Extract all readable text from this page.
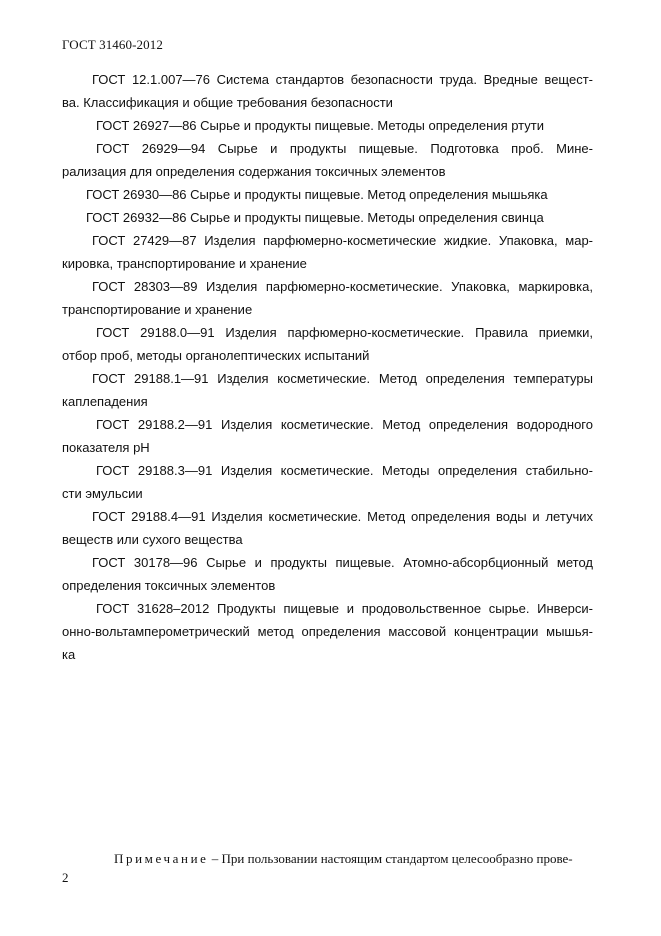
ГОСТ 31460-2012
ГОСТ 12.1.007—76 Система стандартов безопасности труда. Вредные вещест-
ва. Классификация и общие требования безопасности
ГОСТ 26927—86 Сырье и продукты пищевые. Методы определения ртути
ГОСТ 26929—94 Сырье и продукты пищевые. Подготовка проб. Мине-
рализация для определения содержания токсичных элементов
ГОСТ 26930—86 Сырье и продукты пищевые. Метод определения мышьяка
ГОСТ 26932—86 Сырье и продукты пищевые. Методы определения свинца
ГОСТ 27429—87 Изделия парфюмерно-косметические жидкие. Упаковка, мар-
кировка, транспортирование и хранение
ГОСТ 28303—89 Изделия парфюмерно-косметические. Упаковка, маркировка,
транспортирование и хранение
ГОСТ 29188.0—91 Изделия парфюмерно-косметические. Правила приемки,
отбор проб, методы органолептических испытаний
ГОСТ 29188.1—91 Изделия косметические. Метод определения температуры
каплепадения
ГОСТ 29188.2—91 Изделия косметические. Метод определения водородного
показателя рН
ГОСТ 29188.3—91 Изделия косметические. Методы определения стабильно-
сти эмульсии
ГОСТ 29188.4—91 Изделия косметические. Метод определения воды и летучих
веществ или сухого вещества
ГОСТ 30178—96 Сырье и продукты пищевые. Атомно-абсорбционный метод
определения токсичных элементов
ГОСТ 31628–2012 Продукты пищевые и продовольственное сырье. Инверси-
онно-вольтамперометрический метод определения массовой концентрации мышья-
ка
Примечание – При пользовании настоящим стандартом целесообразно прове-
2
